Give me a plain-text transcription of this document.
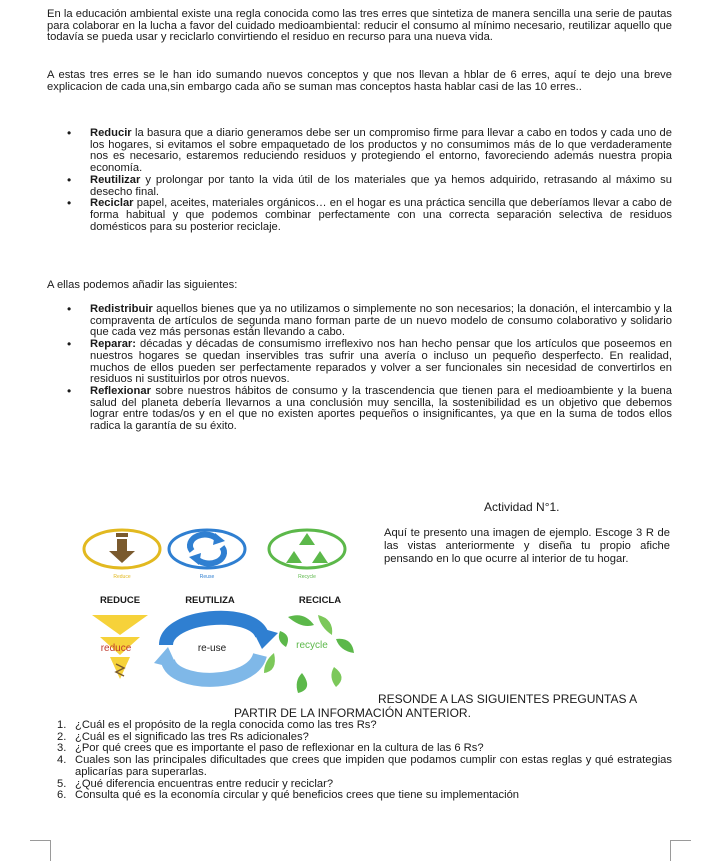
En la educación ambiental existe una regla conocida como las tres erres que sintetiza de manera sencilla una serie de pautas para colaborar en la lucha a favor del cuidado medioambiental: reducir el consumo al mínimo necesario, reutilizar aquello que todavía se pueda usar y reciclarlo convirtiendo el residuo en recurso para una nueva vida.

A estas tres erres se le han ido sumando nuevos conceptos y que nos llevan a hblar de 6 erres, aquí te dejo una breve explicacion de cada una,sin embargo cada año se suman mas conceptos hasta hablar casi de las 10 erres..

• Reducir la basura que a diario generamos debe ser un compromiso firme para llevar a cabo en todos y cada uno de los hogares, si evitamos el sobre empaquetado de los productos y no consumimos más de lo que verdaderamente nos es necesario, estaremos reduciendo residuos y protegiendo el entorno, favoreciendo además nuestra propia economía.
• Reutilizar y prolongar por tanto la vida útil de los materiales que ya hemos adquirido, retrasando al máximo su desecho final.
• Reciclar papel, aceites, materiales orgánicos… en el hogar es una práctica sencilla que deberíamos llevar a cabo de forma habitual y que podemos combinar perfectamente con una correcta separación selectiva de residuos domésticos para su posterior reciclaje.

A ellas podemos añadir las siguientes:

• Redistribuir aquellos bienes que ya no utilizamos o simplemente no son necesarios; la donación, el intercambio y la compraventa de artículos de segunda mano forman parte de un nuevo modelo de consumo colaborativo y solidario que cada vez más personas están llevando a cabo.
• Reparar: décadas y décadas de consumismo irreflexivo nos han hecho pensar que los artículos que poseemos en nuestros hogares se quedan inservibles tras sufrir una avería o incluso un pequeño desperfecto. En realidad, muchos de ellos pueden ser perfectamente reparados y volver a ser funcionales sin necesidad de convertirlos en residuos ni sustituirlos por otros nuevos.
• Reflexionar sobre nuestros hábitos de consumo y la trascendencia que tienen para el medioambiente y la buena salud del planeta debería llevarnos a una conclusión muy sencilla, la sostenibilidad es un objetivo que debemos lograr entre todas/os y en el que no existen aportes pequeños o insignificantes, ya que en la suma de todos ellos radica la garantía de su éxito.
Actividad N°1.
Reduce	Reuse	Recycle
REDUCE	REUTILIZA	RECICLA
reduce	re-use	recycle

Aquí te presento una imagen de ejemplo. Escoge 3 R de las vistas anteriormente y diseña tu propio afiche pensando en lo que ocurre al interior de tu hogar.

RESONDE A LAS SIGUIENTES PREGUNTAS A
PARTIR DE LA INFORMACIÓN ANTERIOR.
1. ¿Cuál es el propósito de la regla conocida como las tres Rs?
2. ¿Cuál es el significado las tres Rs adicionales?
3. ¿Por qué crees que es importante el paso de reflexionar en la cultura de las 6 Rs?
4. Cuales son las principales dificultades que crees que impiden que podamos cumplir con estas reglas y qué estrategias aplicarías para superarlas.
5. ¿Qué diferencia encuentras entre reducir y reciclar?
6. Consulta qué es la economía circular y qué beneficios crees que tiene su implementación
